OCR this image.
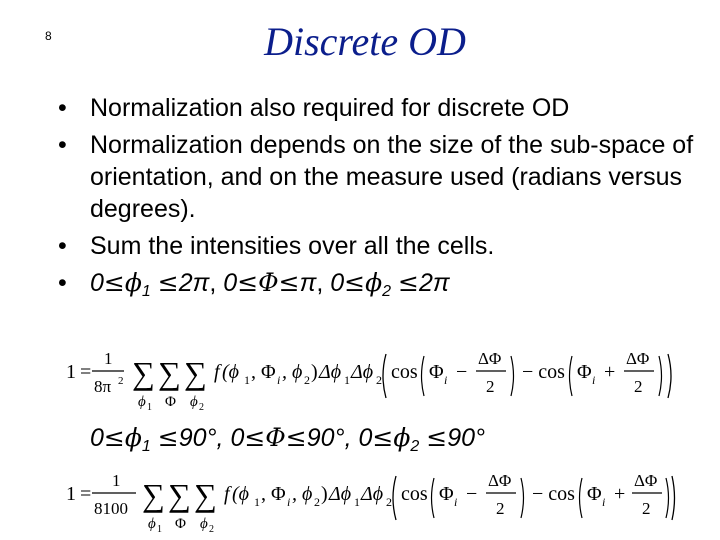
8	Discrete OD
• Normalization also required for discrete OD
• Normalization depends on the size of the sub-space of orientation, and on the measure used (radians versus degrees).
• Sum the intensities over all the cells.
• $0\le\phi_1 \le 2\pi$, 0≤Φ≤π, $0\le\phi_2 \le 2\pi$
1 =
1
8π 2 ∑ ∑ ∑
ϕ 1 Φ ϕ 2
f (ϕ 1 , Φ i , ϕ 2 ) Δϕ 1 Δϕ 2 cos Φ i −
ΔΦ
2
− cos Φ i +
ΔΦ
2
$0\le\phi_1 \le 90^\circ$, 0≤Φ≤90°, $0\le\phi_2 \le 90^\circ$
1 =
1
8100 ∑ ∑ ∑
ϕ 1 Φ ϕ 2
f (ϕ 1 , Φ i , ϕ 2 ) Δϕ 1 Δϕ 2 cos Φ i −
ΔΦ
2
− cos Φ i +
ΔΦ
2
